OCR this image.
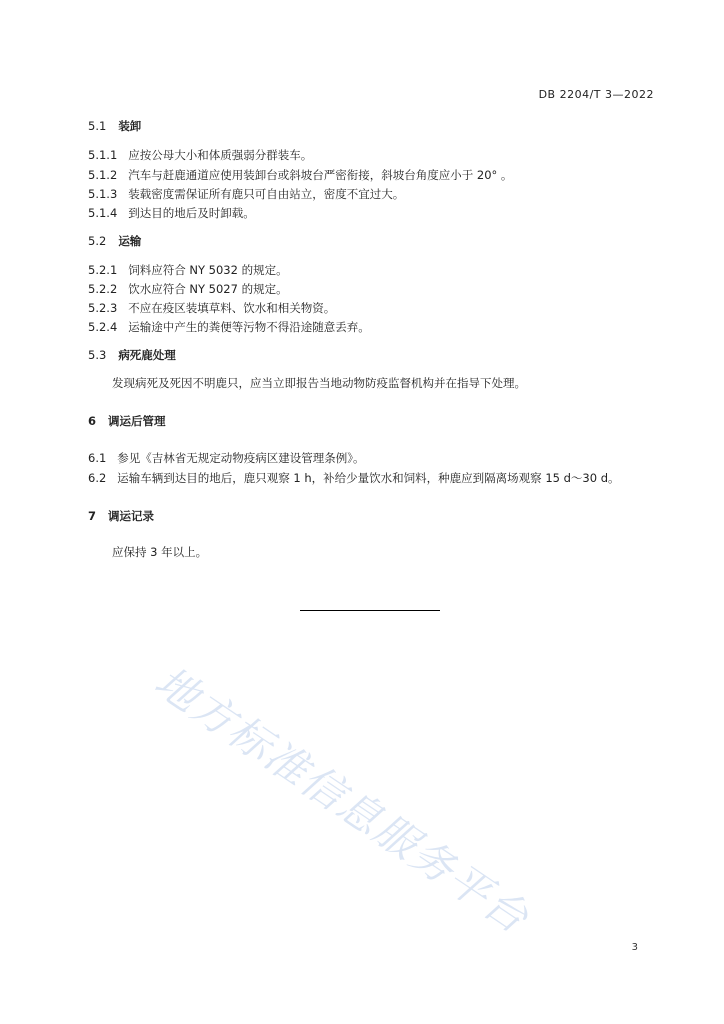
DB 2204/T 3—2022
地方标准信息服务平台
5.1 装卸
5.1.1 应按公母大小和体质强弱分群装车。
5.1.2 汽车与赶鹿通道应使用装卸台或斜坡台严密衔接，斜坡台角度应小于 20° 。
5.1.3 装载密度需保证所有鹿只可自由站立，密度不宜过大。
5.1.4 到达目的地后及时卸载。
5.2 运输
5.2.1 饲料应符合 NY 5032 的规定。
5.2.2 饮水应符合 NY 5027 的规定。
5.2.3 不应在疫区装填草料、饮水和相关物资。
5.2.4 运输途中产生的粪便等污物不得沿途随意丢弃。
5.3 病死鹿处理
发现病死及死因不明鹿只，应当立即报告当地动物防疫监督机构并在指导下处理。
6 调运后管理
6.1 参见《吉林省无规定动物疫病区建设管理条例》。
6.2 运输车辆到达目的地后，鹿只观察 1 h，补给少量饮水和饲料，种鹿应到隔离场观察 15 d～30 d。
7 调运记录
应保持 3 年以上。
3
